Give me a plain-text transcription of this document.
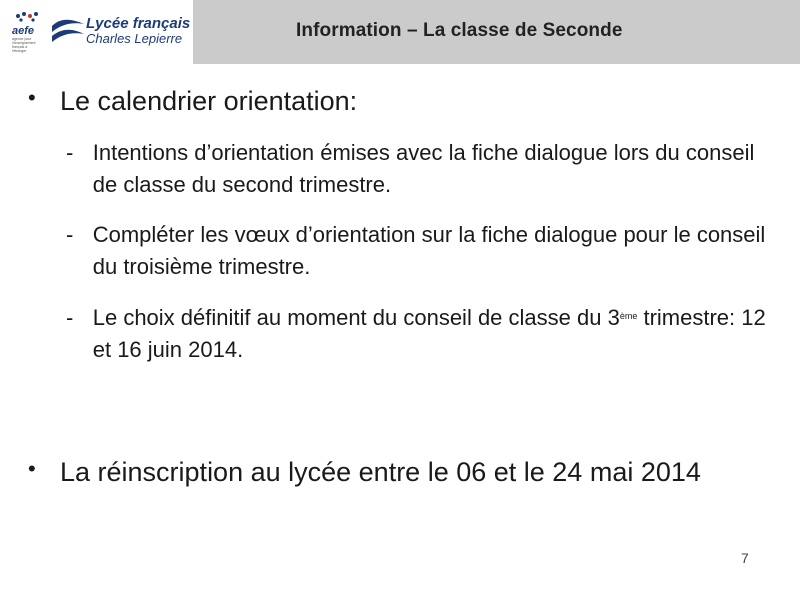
aefe
agence pour l'enseignement français à l'étranger
Lycée français
Charles Lepierre	Information – La classe de Seconde
• Le calendrier orientation:
- Intentions d’orientation émises avec la fiche dialogue lors du conseil de classe du second trimestre.
- Compléter les vœux d’orientation sur la fiche dialogue pour le conseil du troisième trimestre.
- Le choix définitif au moment du conseil de classe du 3ème trimestre: 12 et 16 juin 2014.
• La réinscription au lycée entre le 06 et le 24 mai 2014
7
